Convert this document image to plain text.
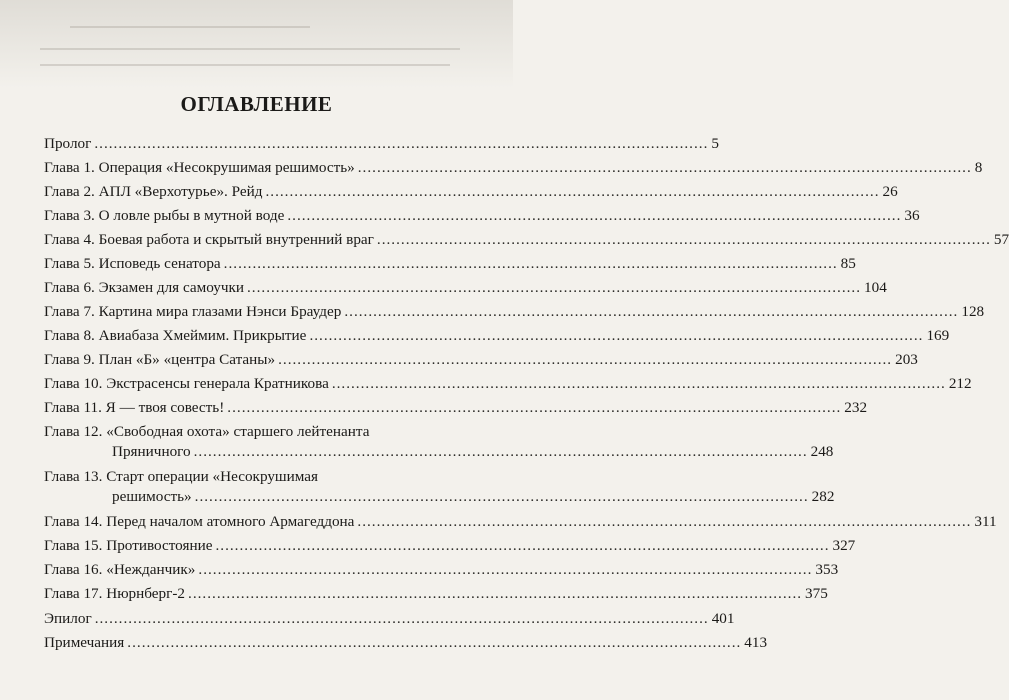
ОГЛАВЛЕНИЕ
Пролог ................................................................................................................................ 5
Глава 1. Операция «Несокрушимая решимость» ................................................................................................................................ 8
Глава 2. АПЛ «Верхотурье». Рейд ................................................................................................................................ 26
Глава 3. О ловле рыбы в мутной воде ................................................................................................................................ 36
Глава 4. Боевая работа и скрытый внутренний враг ................................................................................................................................ 57
Глава 5. Исповедь сенатора ................................................................................................................................ 85
Глава 6. Экзамен для самоучки ................................................................................................................................ 104
Глава 7. Картина мира глазами Нэнси Браудер ................................................................................................................................ 128
Глава 8. Авиабаза Хмеймим. Прикрытие ................................................................................................................................ 169
Глава 9. План «Б» «центра Сатаны» ................................................................................................................................ 203
Глава 10. Экстрасенсы генерала Кратникова ................................................................................................................................ 212
Глава 11. Я — твоя совесть! ................................................................................................................................ 232
Глава 12. «Свободная охота» старшего лейтенанта
Пряничного ................................................................................................................................ 248
Глава 13. Старт операции «Несокрушимая
решимость» ................................................................................................................................ 282
Глава 14. Перед началом атомного Армагеддона ................................................................................................................................ 311
Глава 15. Противостояние ................................................................................................................................ 327
Глава 16. «Нежданчик» ................................................................................................................................ 353
Глава 17. Нюрнберг-2 ................................................................................................................................ 375
Эпилог ................................................................................................................................ 401
Примечания ................................................................................................................................ 413
